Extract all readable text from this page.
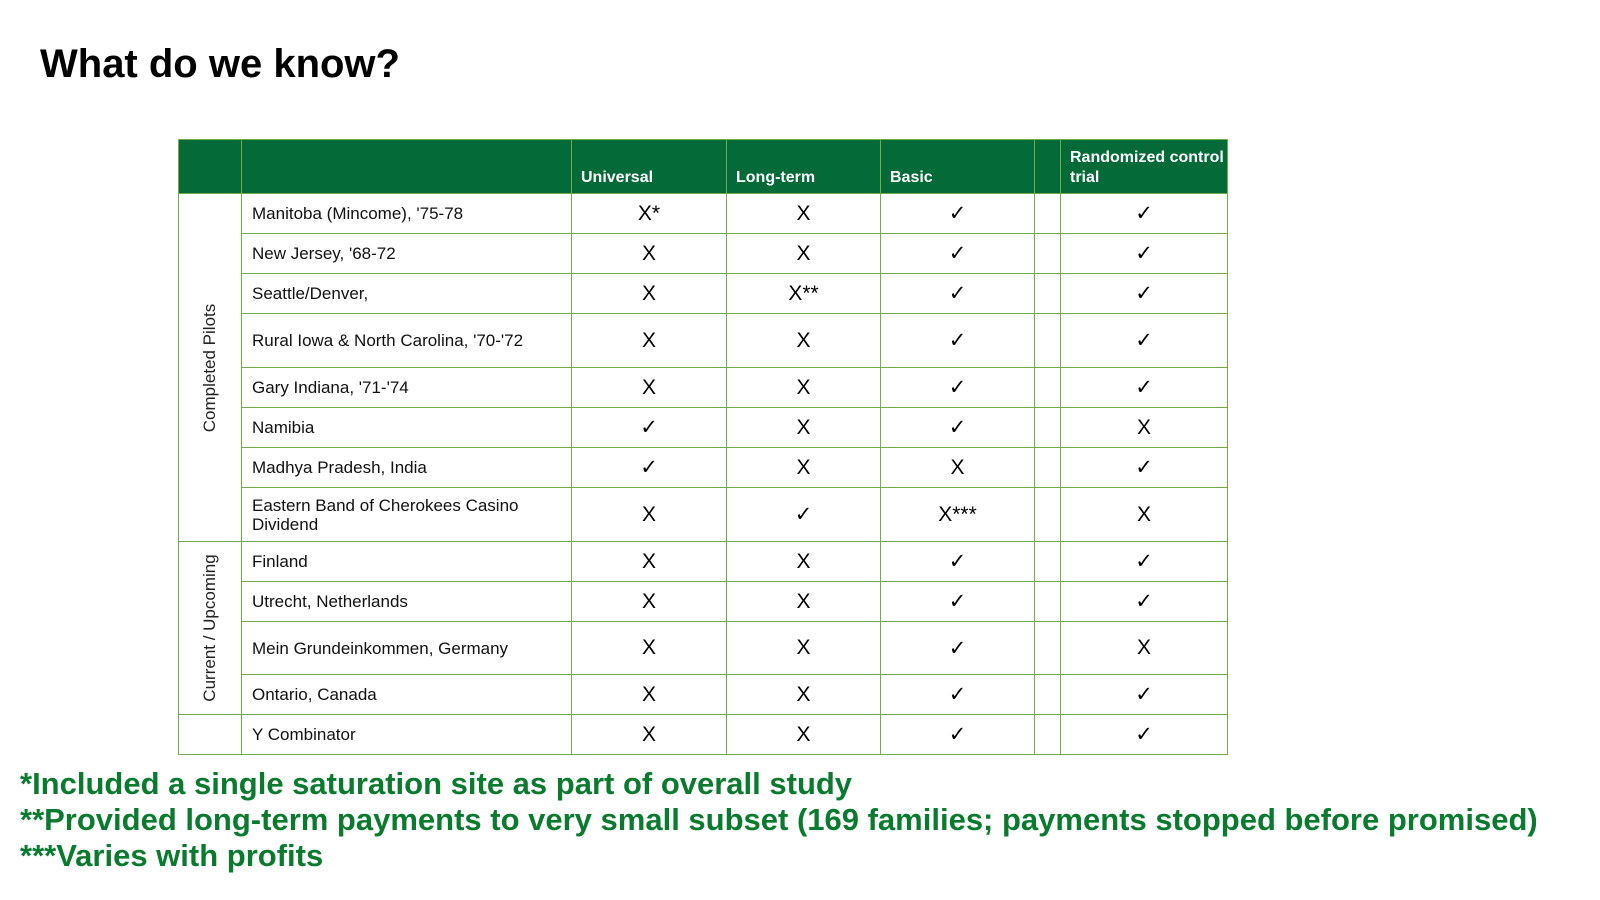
What do we know?
		Universal	Long-term	Basic		Randomized control trial

Completed Pilots	Manitoba (Mincome), '75-78	X*	X	✓		✓
	New Jersey, '68-72	X	X	✓		✓
	Seattle/Denver,	X	X**	✓		✓
	Rural Iowa & North Carolina, '70-'72	X	X	✓		✓
	Gary Indiana, '71-'74	X	X	✓		✓
	Namibia	✓	X	✓		X
	Madhya Pradesh, India	✓	X	X		✓
	Eastern Band of Cherokees Casino Dividend	X	✓	X***		X

Current / Upcoming	Finland	X	X	✓		✓
	Utrecht, Netherlands	X	X	✓		✓
	Mein Grundeinkommen, Germany	X	X	✓		X
	Ontario, Canada	X	X	✓		✓
	Y Combinator	X	X	✓		✓
*Included a single saturation site as part of overall study
**Provided long-term payments to very small subset (169 families; payments stopped before promised)
***Varies with profits
